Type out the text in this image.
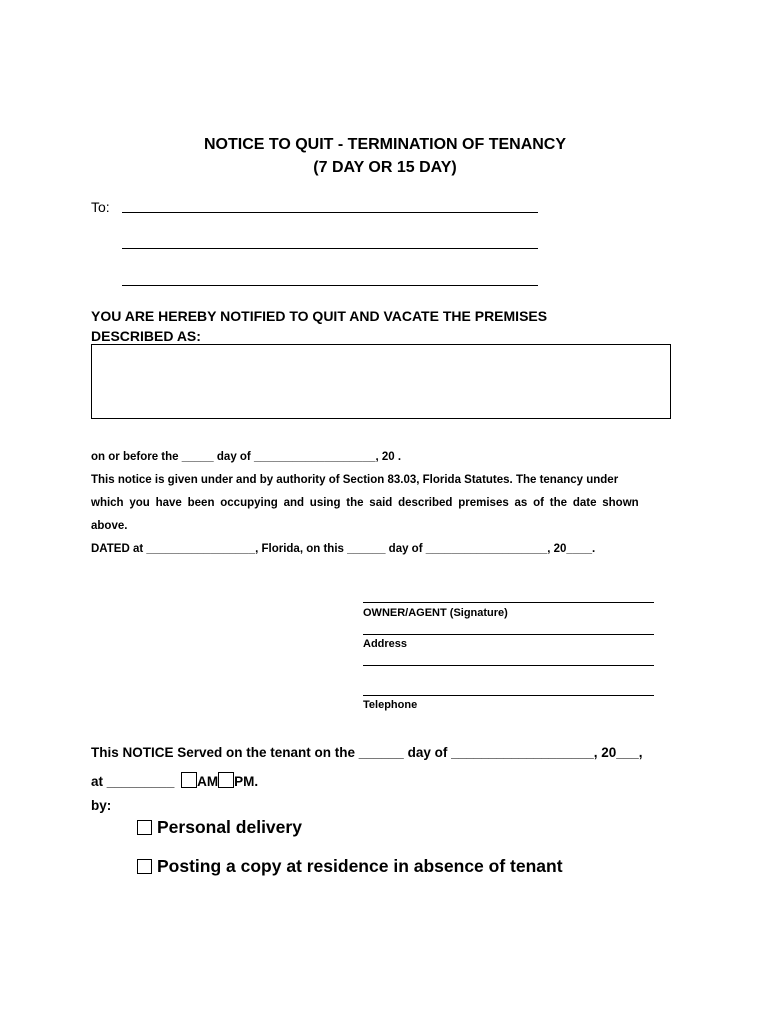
NOTICE TO QUIT - TERMINATION OF TENANCY
(7 DAY OR 15 DAY)
To:
YOU ARE HEREBY NOTIFIED TO QUIT AND VACATE THE PREMISES
DESCRIBED AS:
on or before the _____ day of ___________________, 20 .
This notice is given under and by authority of Section 83.03, Florida Statutes. The tenancy under
which you have been occupying and using the said described premises as of the date shown
above.
DATED at _________________, Florida, on this ______ day of ___________________, 20____.
OWNER/AGENT (Signature)
Address
Telephone
This NOTICE Served on the tenant on the ______ day of ___________________, 20___,
at _________ AM PM.
by:
Personal delivery
Posting a copy at residence in absence of tenant
